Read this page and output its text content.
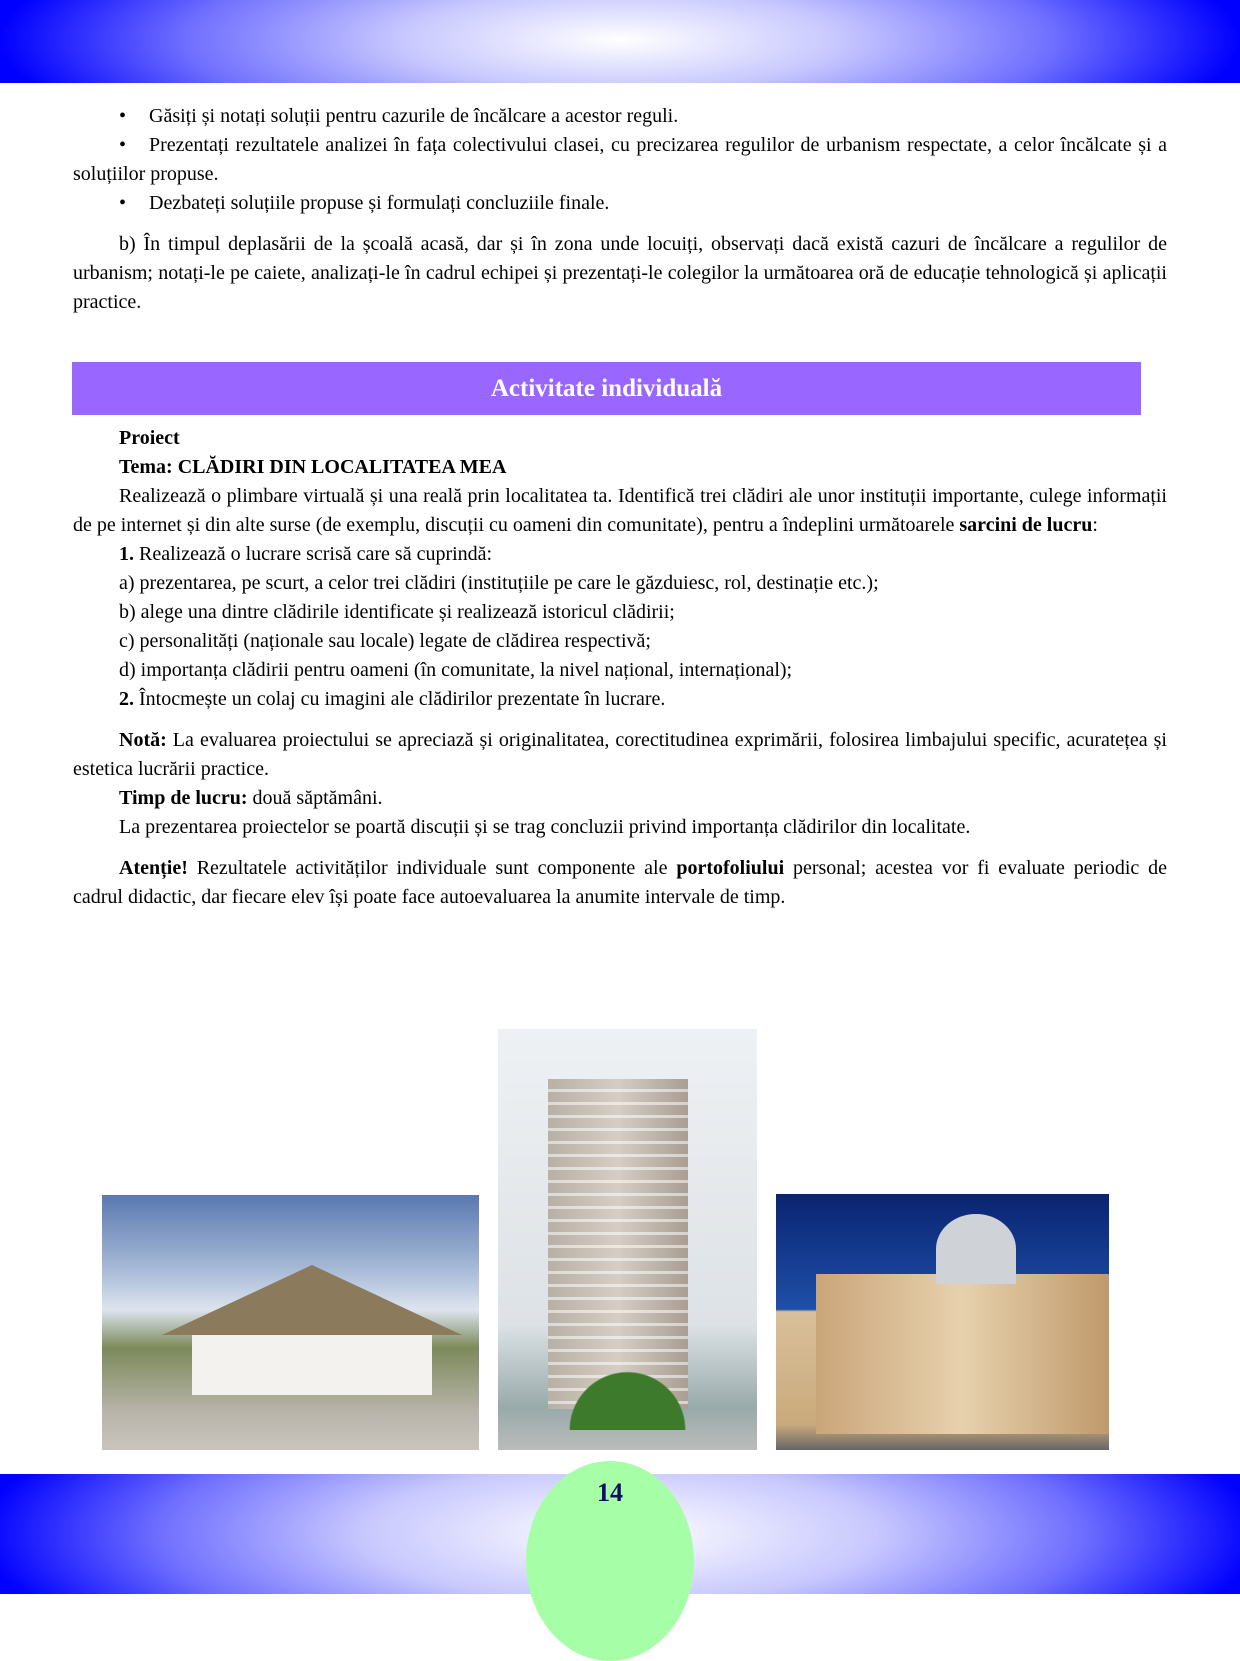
• Găsiți și notați soluții pentru cazurile de încălcare a acestor reguli.
• Prezentați rezultatele analizei în fața colectivului clasei, cu precizarea regulilor de urbanism respectate, a celor încălcate și a soluțiilor propuse.
• Dezbateți soluțiile propuse și formulați concluziile finale.
b) În timpul deplasării de la școală acasă, dar și în zona unde locuiți, observați dacă există cazuri de încălcare a regulilor de urbanism; notați-le pe caiete, analizați-le în cadrul echipei și prezentați-le colegilor la următoarea oră de educație tehnologică și aplicații practice.
Activitate individuală
Proiect
Tema: CLĂDIRI DIN LOCALITATEA MEA
Realizează o plimbare virtuală și una reală prin localitatea ta. Identifică trei clădiri ale unor instituții importante, culege informații de pe internet și din alte surse (de exemplu, discuții cu oameni din comunitate), pentru a îndeplini următoarele sarcini de lucru:
1. Realizează o lucrare scrisă care să cuprindă:
a) prezentarea, pe scurt, a celor trei clădiri (instituțiile pe care le găzduiesc, rol, destinație etc.);
b) alege una dintre clădirile identificate și realizează istoricul clădirii;
c) personalități (naționale sau locale) legate de clădirea respectivă;
d) importanța clădirii pentru oameni (în comunitate, la nivel național, internațional);
2. Întocmește un colaj cu imagini ale clădirilor prezentate în lucrare.
Notă: La evaluarea proiectului se apreciază și originalitatea, corectitudinea exprimării, folosirea limbajului specific, acuratețea și estetica lucrării practice.
Timp de lucru: două săptămâni.
La prezentarea proiectelor se poartă discuții și se trag concluzii privind importanța clădirilor din localitate.
Atenție! Rezultatele activităților individuale sunt componente ale portofoliului personal; acestea vor fi evaluate periodic de cadrul didactic, dar fiecare elev își poate face autoevaluarea la anumite intervale de timp.
14
